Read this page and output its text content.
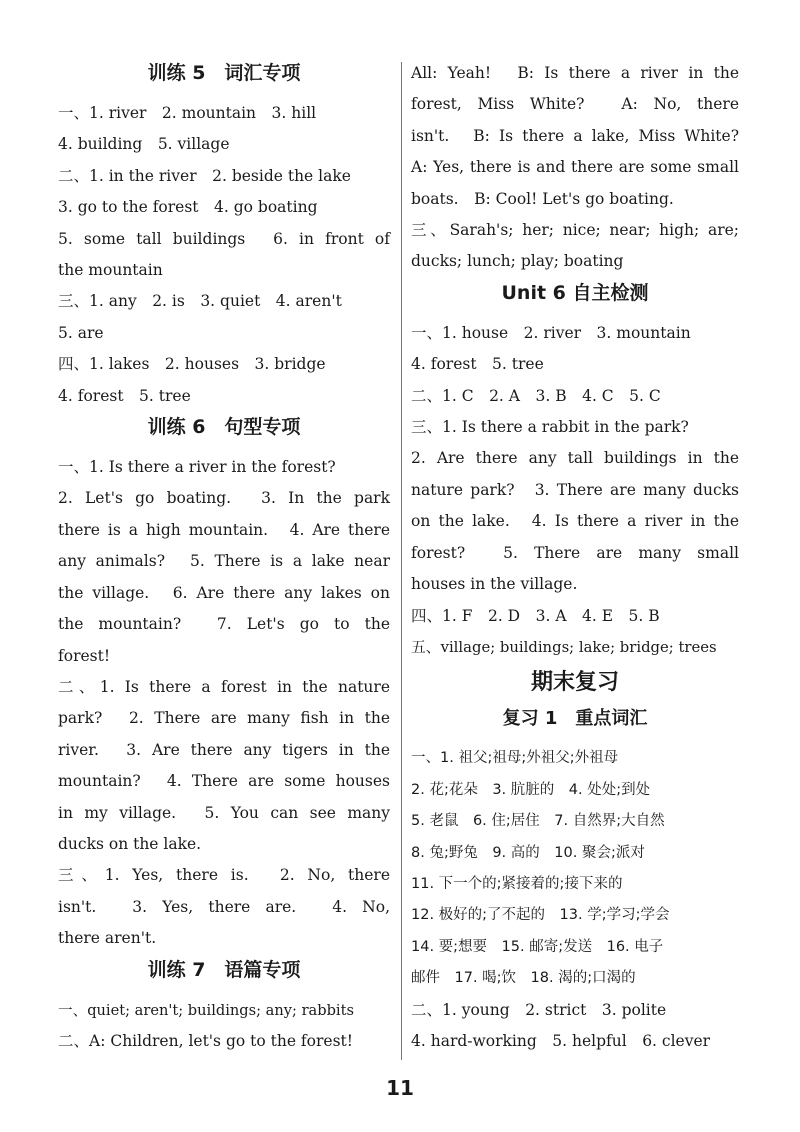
训练 5　词汇专项
一、1. river　2. mountain　3. hill
4. building　5. village
二、1. in the river　2. beside the lake
3. go to the forest　4. go boating
5. some tall buildings　6. in front of
the mountain
三、1. any　2. is　3. quiet　4. aren't
5. are
四、1. lakes　2. houses　3. bridge
4. forest　5. tree
训练 6　句型专项
一、1. Is there a river in the forest?
2. Let's go boating.　3. In the park
there is a high mountain.　4. Are there
any animals?　5. There is a lake near
the village.　6. Are there any lakes on
the mountain?　7. Let's go to the
forest!
二、1. Is there a forest in the nature
park?　2. There are many fish in the
river.　3. Are there any tigers in the
mountain?　4. There are some houses
in my village.　5. You can see many
ducks on the lake.
三、1. Yes, there is.　2. No, there
isn't.　3. Yes, there are.　4. No,
there aren't.
训练 7　语篇专项
一、quiet; aren't; buildings; any; rabbits
二、A: Children, let's go to the forest!
All: Yeah!　B: Is there a river in the
forest, Miss White?　A: No, there
isn't.　B: Is there a lake, Miss White?
A: Yes, there is and there are some small
boats.　B: Cool! Let's go boating.
三、Sarah's; her; nice; near; high; are;
ducks; lunch; play; boating
Unit 6 自主检测
一、1. house　2. river　3. mountain
4. forest　5. tree
二、1. C　2. A　3. B　4. C　5. C
三、1. Is there a rabbit in the park?
2. Are there any tall buildings in the
nature park?　3. There are many ducks
on the lake.　4. Is there a river in the
forest?　5. There are many small
houses in the village.
四、1. F　2. D　3. A　4. E　5. B
五、village; buildings; lake; bridge; trees
期末复习
复习 1　重点词汇
一、1. 祖父;祖母;外祖父;外祖母
2. 花;花朵　3. 肮脏的　4. 处处;到处
5. 老鼠　6. 住;居住　7. 自然界;大自然
8. 兔;野兔　9. 高的　10. 聚会;派对
11. 下一个的;紧接着的;接下来的
12. 极好的;了不起的　13. 学;学习;学会
14. 要;想要　15. 邮寄;发送　16. 电子
邮件　17. 喝;饮　18. 渴的;口渴的
二、1. young　2. strict　3. polite
4. hard-working　5. helpful　6. clever
11
